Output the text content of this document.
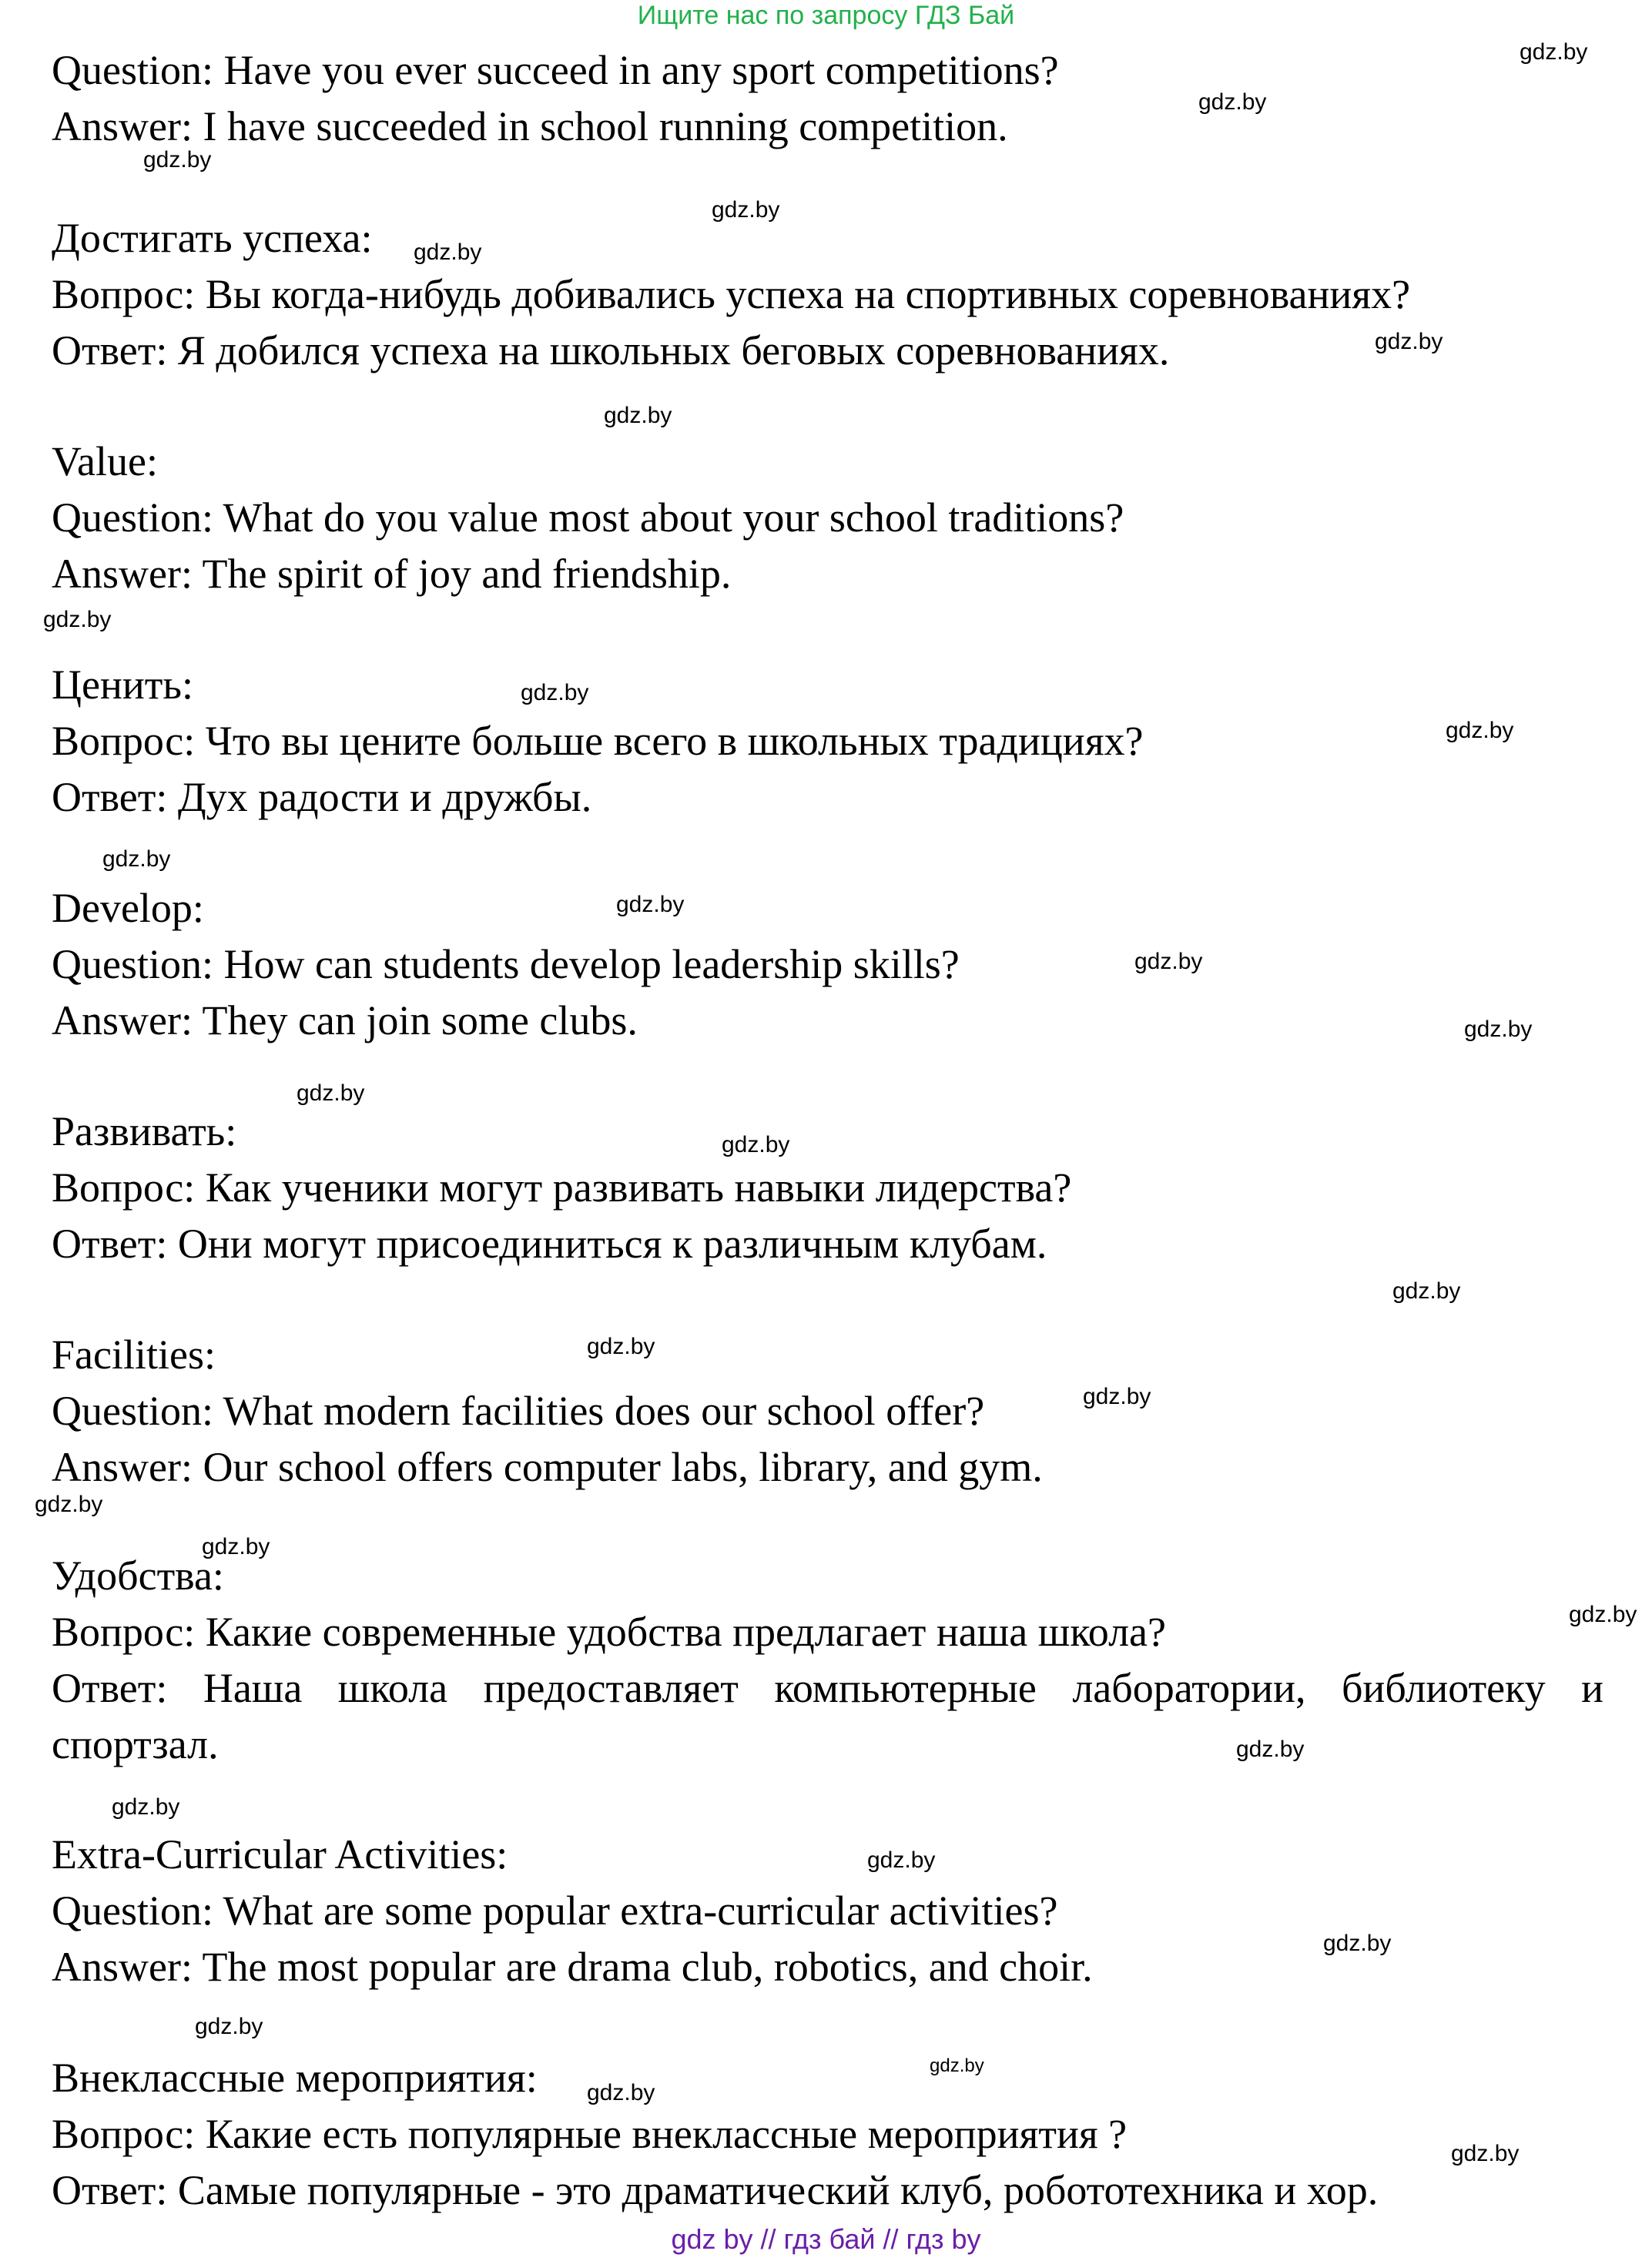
Ищите нас по запросу ГДЗ Бай
Question: Have you ever succeed in any sport competitions?
Answer: I have succeeded in school running competition.
Достигать успеха:
Вопрос: Вы когда-нибудь добивались успеха на спортивных соревнованиях?
Ответ: Я добился успеха на школьных беговых соревнованиях.
Value:
Question: What do you value most about your school traditions?
Answer: The spirit of joy and friendship.
Ценить:
Вопрос: Что вы цените больше всего в школьных традициях?
Ответ: Дух радости и дружбы.
Develop:
Question: How can students develop leadership skills?
Answer: They can join some clubs.
Развивать:
Вопрос: Как ученики могут развивать навыки лидерства?
Ответ: Они могут присоединиться к различным клубам.
Facilities:
Question: What modern facilities does our school offer?
Answer: Our school offers computer labs, library, and gym.
Удобства:
Вопрос: Какие современные удобства предлагает наша школа?
Ответ: Наша школа предоставляет компьютерные лаборатории, библиотеку и
спортзал.
Extra-Curricular Activities:
Question: What are some popular extra-curricular activities?
Answer: The most popular are drama club, robotics, and choir.
Внеклассные мероприятия:
Вопрос: Какие есть популярные внеклассные мероприятия ?
Ответ: Самые популярные - это драматический клуб, робототехника и хор.
gdz.by
gdz.by
gdz.by
gdz.by
gdz.by
gdz.by
gdz.by
gdz.by
gdz.by
gdz.by
gdz.by
gdz.by
gdz.by
gdz.by
gdz.by
gdz.by
gdz.by
gdz.by
gdz.by
gdz.by
gdz.by
gdz.by
gdz.by
gdz.by
gdz.by
gdz.by
gdz.by
gdz.by
gdz.by
gdz.by
gdz by // гдз бай // гдз by
